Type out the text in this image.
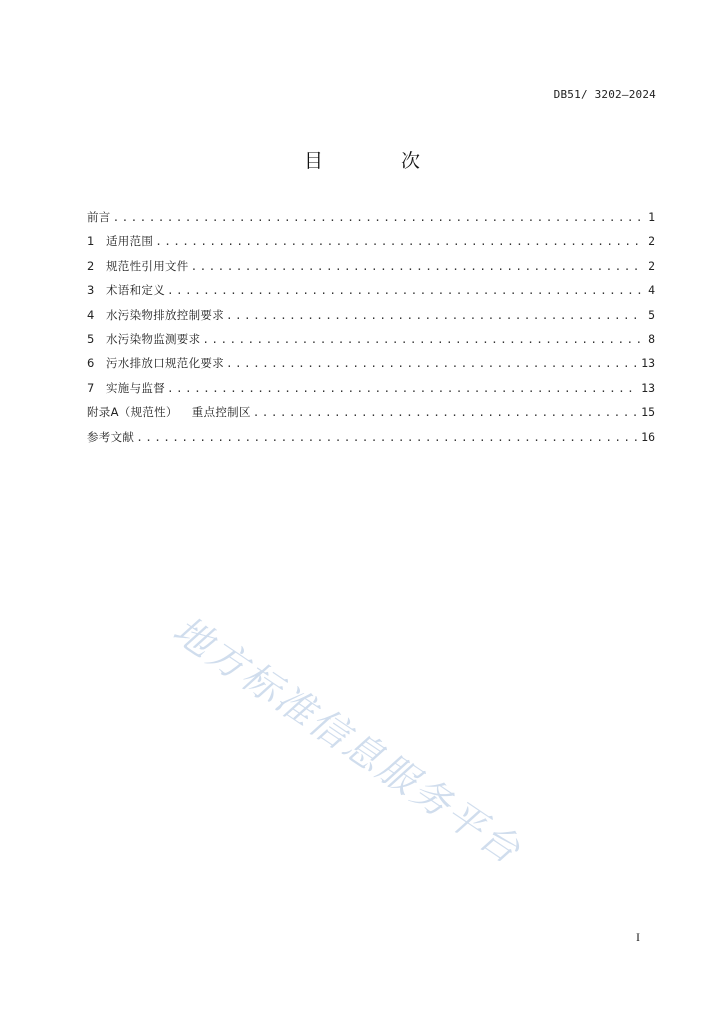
DB51/ 3202—2024
目 次
前言 .....	1
1	适用范围 .....	2
2	规范性引用文件 .....	2
3	术语和定义 .....	4
4	水污染物排放控制要求 .....	5
5	水污染物监测要求 .....	8
6	污水排放口规范化要求 .....	13
7	实施与监督 .....	13
附录A（规范性） 重点控制区 .....	15
参考文献 .....	16
地方标准信息服务平台
I
